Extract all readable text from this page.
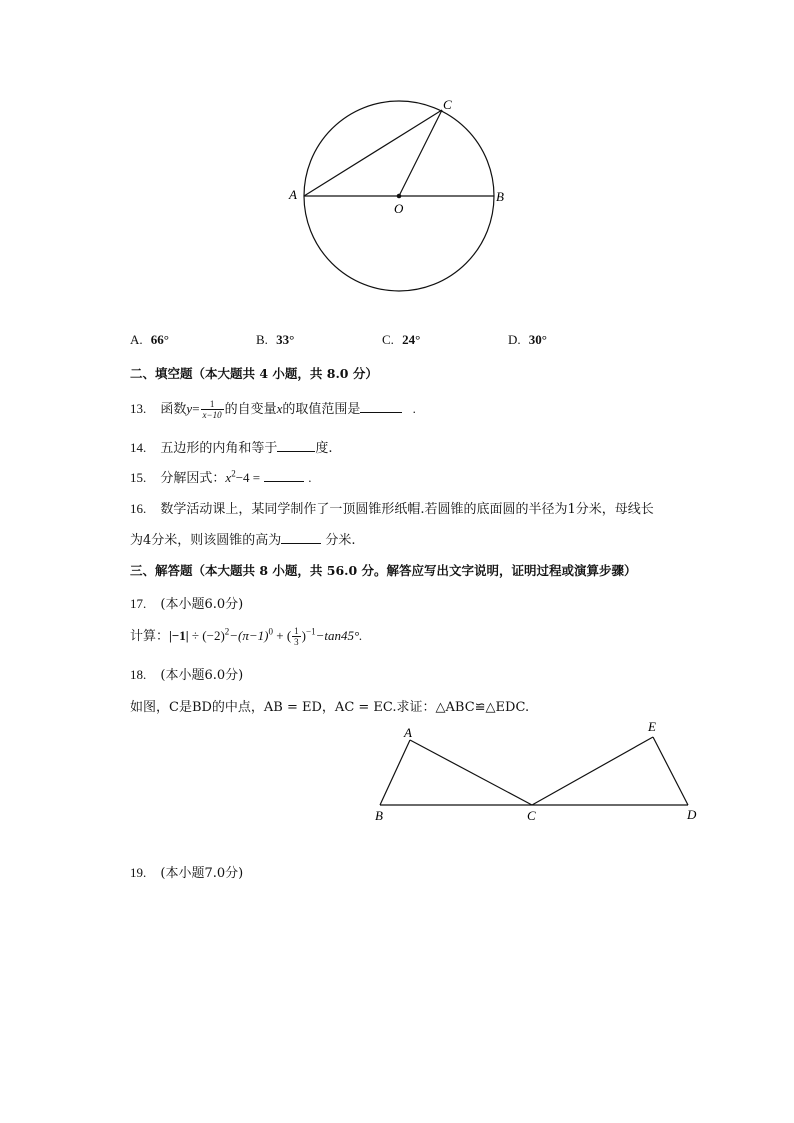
A	B
C
O
A. 66°	B. 33°	C. 24°	D. 30°
二、填空题（本大题共 4 小题，共 8.0 分）
13. 函数$y= \frac{1}{x-10}$ 的自变量x的取值范围是	.
14. 五边形的内角和等于	度.
15. 分解因式：$x^2-4$ =	.
16. 数学活动课上，某同学制作了一顶圆锥形纸帽.若圆锥的底面圆的半径为1分米，母线长
为4分米，则该圆锥的高为	分米.
三、解答题（本大题共 8 小题，共 56.0 分。解答应写出文字说明，证明过程或演算步骤）
17. (本小题6.0分)
计算：$|-1| \div (-2)^2-(\pi-1)^0$ + ( $\frac{1}{3} )^{-1}-\tan 45^\circ$.
18. (本小题6.0分)
如图，C是BD的中点，AB = ED，AC = EC.求证：△ABC≌△EDC.
A
B	C	D
E
19. (本小题7.0分)
